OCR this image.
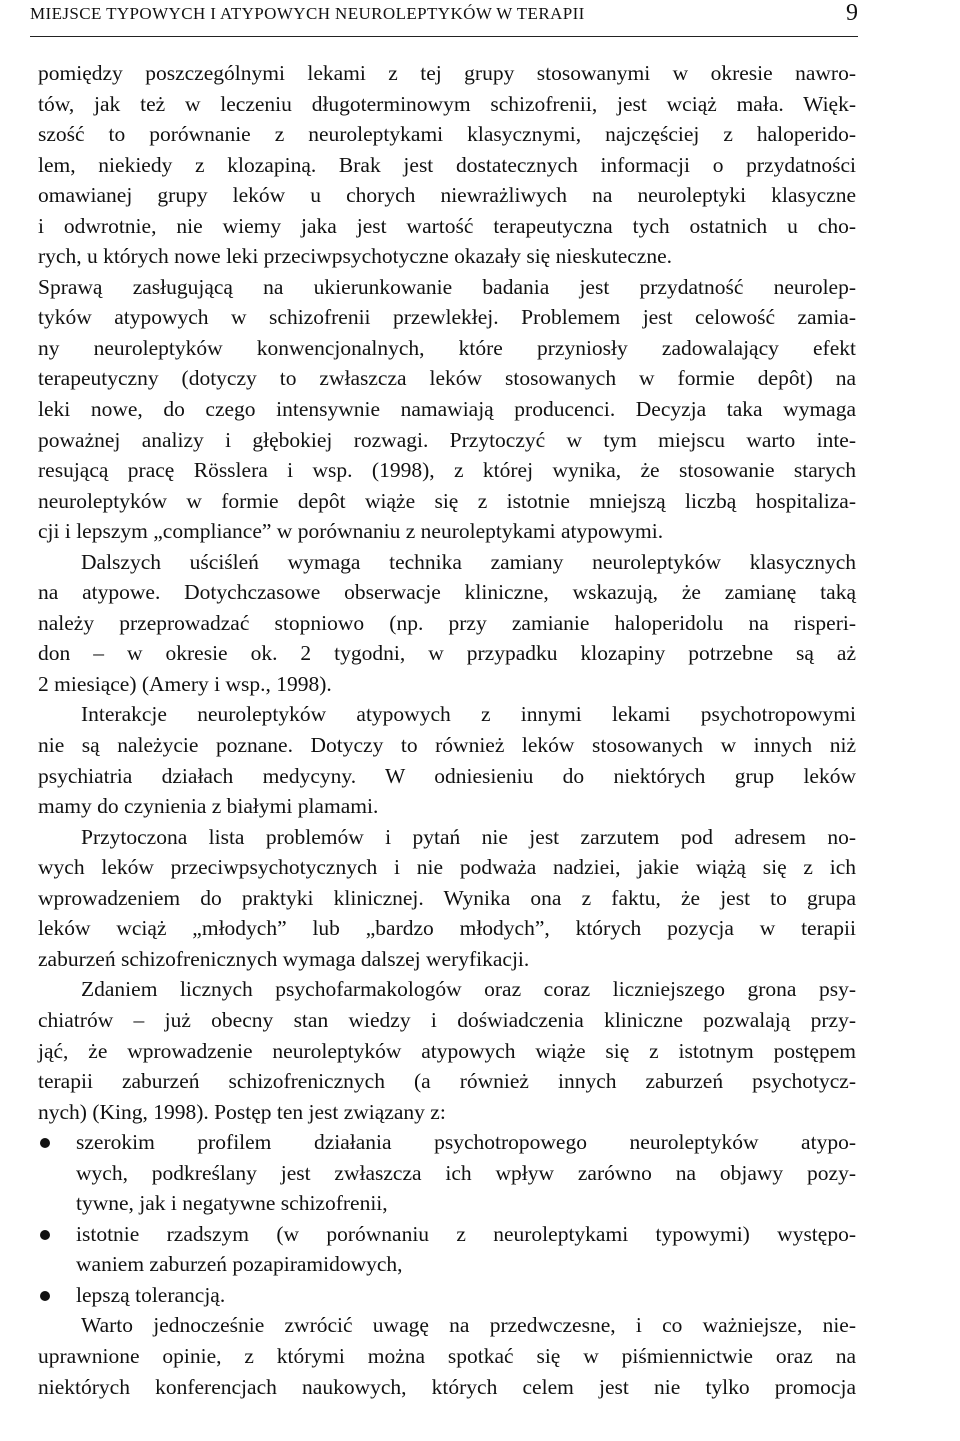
MIEJSCE TYPOWYCH I ATYPOWYCH NEUROLEPTYKÓW W TERAPII	9
pomiędzy poszczególnymi lekami z tej grupy stosowanymi w okresie nawro-
tów, jak też w leczeniu długoterminowym schizofrenii, jest wciąż mała. Więk-
szość to porównanie z neuroleptykami klasycznymi, najczęściej z haloperido-
lem, niekiedy z klozapiną. Brak jest dostatecznych informacji o przydatności
omawianej grupy leków u chorych niewrażliwych na neuroleptyki klasyczne
i odwrotnie, nie wiemy jaka jest wartość terapeutyczna tych ostatnich u cho-
rych, u których nowe leki przeciwpsychotyczne okazały się nieskuteczne.
Sprawą zasługującą na ukierunkowanie badania jest przydatność neurolep-
tyków atypowych w schizofrenii przewlekłej. Problemem jest celowość zamia-
ny neuroleptyków konwencjonalnych, które przyniosły zadowalający efekt
terapeutyczny (dotyczy to zwłaszcza leków stosowanych w formie depôt) na
leki nowe, do czego intensywnie namawiają producenci. Decyzja taka wymaga
poważnej analizy i głębokiej rozwagi. Przytoczyć w tym miejscu warto inte-
resującą pracę Rösslera i wsp. (1998), z której wynika, że stosowanie starych
neuroleptyków w formie depôt wiąże się z istotnie mniejszą liczbą hospitaliza-
cji i lepszym „compliance” w porównaniu z neuroleptykami atypowymi.
Dalszych uściśleń wymaga technika zamiany neuroleptyków klasycznych
na atypowe. Dotychczasowe obserwacje kliniczne, wskazują, że zamianę taką
należy przeprowadzać stopniowo (np. przy zamianie haloperidolu na risperi-
don – w okresie ok. 2 tygodni, w przypadku klozapiny potrzebne są aż
2 miesiące) (Amery i wsp., 1998).
Interakcje neuroleptyków atypowych z innymi lekami psychotropowymi
nie są należycie poznane. Dotyczy to również leków stosowanych w innych niż
psychiatria działach medycyny. W odniesieniu do niektórych grup leków
mamy do czynienia z białymi plamami.
Przytoczona lista problemów i pytań nie jest zarzutem pod adresem no-
wych leków przeciwpsychotycznych i nie podważa nadziei, jakie wiążą się z ich
wprowadzeniem do praktyki klinicznej. Wynika ona z faktu, że jest to grupa
leków wciąż „młodych” lub „bardzo młodych”, których pozycja w terapii
zaburzeń schizofrenicznych wymaga dalszej weryfikacji.
Zdaniem licznych psychofarmakologów oraz coraz liczniejszego grona psy-
chiatrów – już obecny stan wiedzy i doświadczenia kliniczne pozwalają przy-
jąć, że wprowadzenie neuroleptyków atypowych wiąże się z istotnym postępem
terapii zaburzeń schizofrenicznych (a również innych zaburzeń psychotycz-
nych) (King, 1998). Postęp ten jest związany z:
szerokim profilem działania psychotropowego neuroleptyków atypo-
wych, podkreślany jest zwłaszcza ich wpływ zarówno na objawy pozy-
tywne, jak i negatywne schizofrenii,
istotnie rzadszym (w porównaniu z neuroleptykami typowymi) występo-
waniem zaburzeń pozapiramidowych,
lepszą tolerancją.
Warto jednocześnie zwrócić uwagę na przedwczesne, i co ważniejsze, nie-
uprawnione opinie, z którymi można spotkać się w piśmiennictwie oraz na
niektórych konferencjach naukowych, których celem jest nie tylko promocja
